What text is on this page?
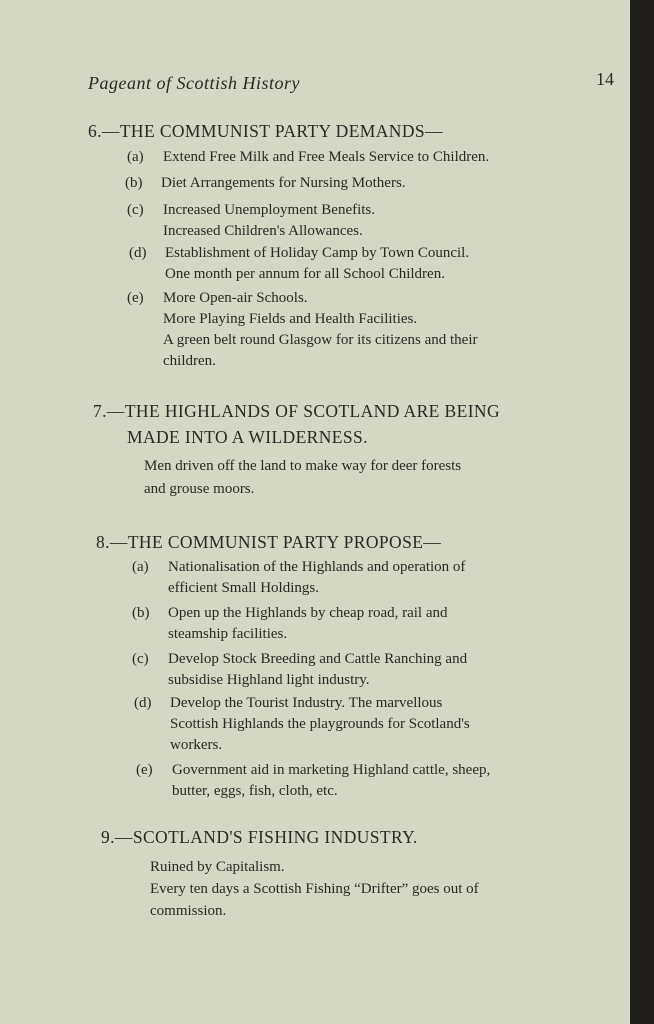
Pageant of Scottish History	14
6.—THE COMMUNIST PARTY DEMANDS—
(a) Extend Free Milk and Free Meals Service to Children.
(b) Diet Arrangements for Nursing Mothers.
(c) Increased Unemployment Benefits.
Increased Children's Allowances.
(d) Establishment of Holiday Camp by Town Council.
One month per annum for all School Children.
(e) More Open-air Schools.
More Playing Fields and Health Facilities.
A green belt round Glasgow for its citizens and their
children.
7.—THE HIGHLANDS OF SCOTLAND ARE BEING
MADE INTO A WILDERNESS.
Men driven off the land to make way for deer forests
and grouse moors.
8.—THE COMMUNIST PARTY PROPOSE—
(a) Nationalisation of the Highlands and operation of
efficient Small Holdings.
(b) Open up the Highlands by cheap road, rail and
steamship facilities.
(c) Develop Stock Breeding and Cattle Ranching and
subsidise Highland light industry.
(d) Develop the Tourist Industry. The marvellous
Scottish Highlands the playgrounds for Scotland's
workers.
(e) Government aid in marketing Highland cattle, sheep,
butter, eggs, fish, cloth, etc.
9.—SCOTLAND'S FISHING INDUSTRY.
Ruined by Capitalism.
Every ten days a Scottish Fishing “Drifter” goes out of
commission.
